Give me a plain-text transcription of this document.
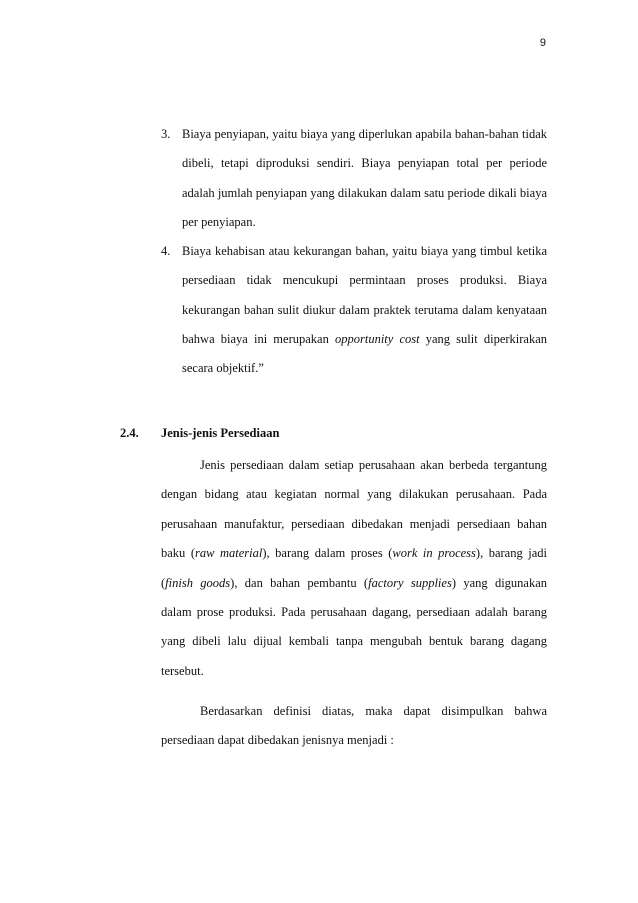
9
3. Biaya penyiapan, yaitu biaya yang diperlukan apabila bahan-bahan tidak dibeli, tetapi diproduksi sendiri. Biaya penyiapan total per periode adalah jumlah penyiapan yang dilakukan dalam satu periode dikali biaya per penyiapan.
4. Biaya kehabisan atau kekurangan bahan, yaitu biaya yang timbul ketika persediaan tidak mencukupi permintaan proses produksi. Biaya kekurangan bahan sulit diukur dalam praktek terutama dalam kenyataan bahwa biaya ini merupakan opportunity cost yang sulit diperkirakan secara objektif.”
2.4. Jenis-jenis Persediaan

Jenis persediaan dalam setiap perusahaan akan berbeda tergantung dengan bidang atau kegiatan normal yang dilakukan perusahaan. Pada perusahaan manufaktur, persediaan dibedakan menjadi persediaan bahan baku (raw material), barang dalam proses (work in process), barang jadi (finish goods), dan bahan pembantu (factory supplies) yang digunakan dalam prose produksi. Pada perusahaan dagang, persediaan adalah barang yang dibeli lalu dijual kembali tanpa mengubah bentuk barang dagang tersebut.

Berdasarkan definisi diatas, maka dapat disimpulkan bahwa persediaan dapat dibedakan jenisnya menjadi :
